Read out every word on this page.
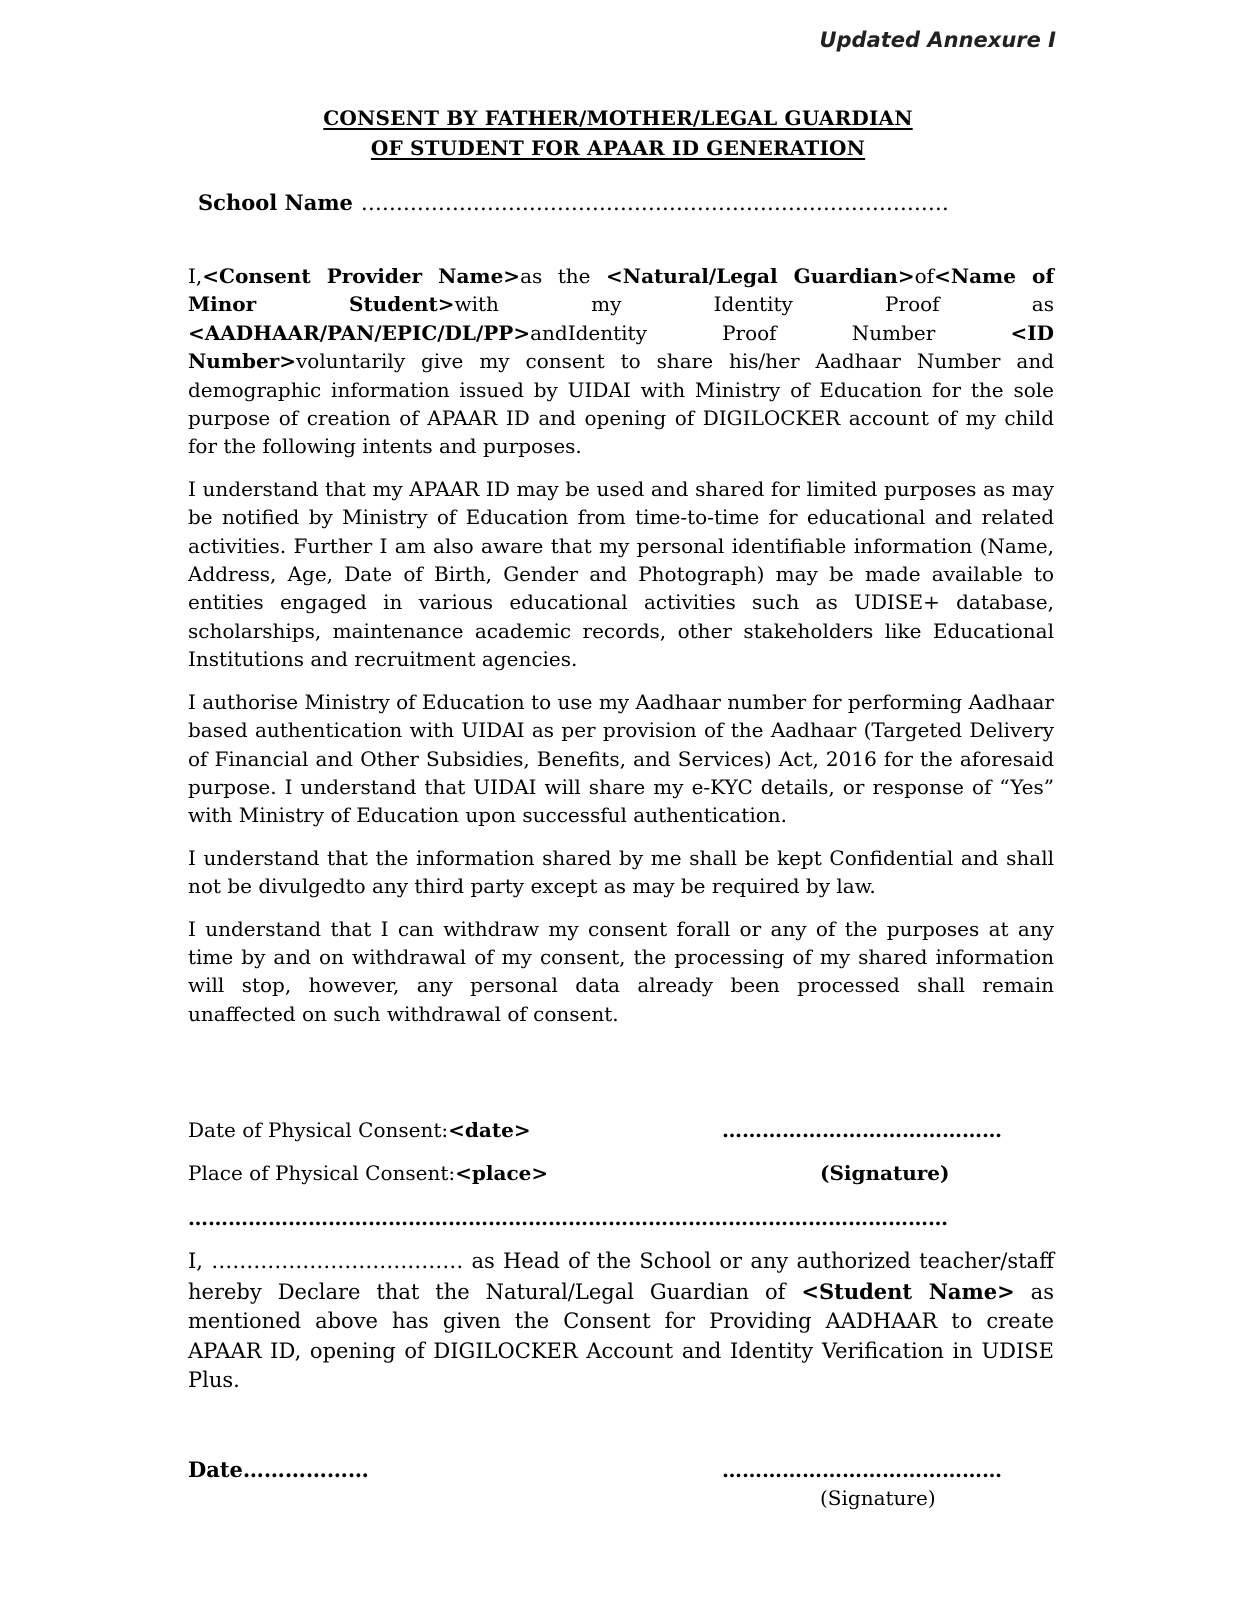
Updated Annexure I
CONSENT BY FATHER/MOTHER/LEGAL GUARDIAN
OF STUDENT FOR APAAR ID GENERATION
School Name …………………………………………………………………………

I,<Consent Provider Name>as the <Natural/Legal Guardian>of<Name of Minor Student>with my Identity Proof as <AADHAAR/PAN/EPIC/DL/PP>andIdentity Proof Number <ID Number>voluntarily give my consent to share his/her Aadhaar Number and demographic information issued by UIDAI with Ministry of Education for the sole purpose of creation of APAAR ID and opening of DIGILOCKER account of my child for the following intents and purposes.

I understand that my APAAR ID may be used and shared for limited purposes as may be notified by Ministry of Education from time-to-time for educational and related activities. Further I am also aware that my personal identifiable information (Name, Address, Age, Date of Birth, Gender and Photograph) may be made available to entities engaged in various educational activities such as UDISE+ database, scholarships, maintenance academic records, other stakeholders like Educational Institutions and recruitment agencies.

I authorise Ministry of Education to use my Aadhaar number for performing Aadhaar based authentication with UIDAI as per provision of the Aadhaar (Targeted Delivery of Financial and Other Subsidies, Benefits, and Services) Act, 2016 for the aforesaid purpose. I understand that UIDAI will share my e-KYC details, or response of “Yes” with Ministry of Education upon successful authentication.

I understand that the information shared by me shall be kept Confidential and shall not be divulgedto any third party except as may be required by law.

I understand that I can withdraw my consent forall or any of the purposes at any time by and on withdrawal of my consent, the processing of my shared information will stop, however, any personal data already been processed shall remain unaffected on such withdrawal of consent.

Date of Physical Consent:<date>	……………………………………
Place of Physical Consent:<place>	(Signature)
……………………………………………………………………………………………………

I, ……………………………… as Head of the School or any authorized teacher/staff hereby Declare that the Natural/Legal Guardian of <Student Name> as mentioned above has given the Consent for Providing AADHAAR to create APAAR ID, opening of DIGILOCKER Account and Identity Verification in UDISE Plus.

Date………………	……………………………………
(Signature)
